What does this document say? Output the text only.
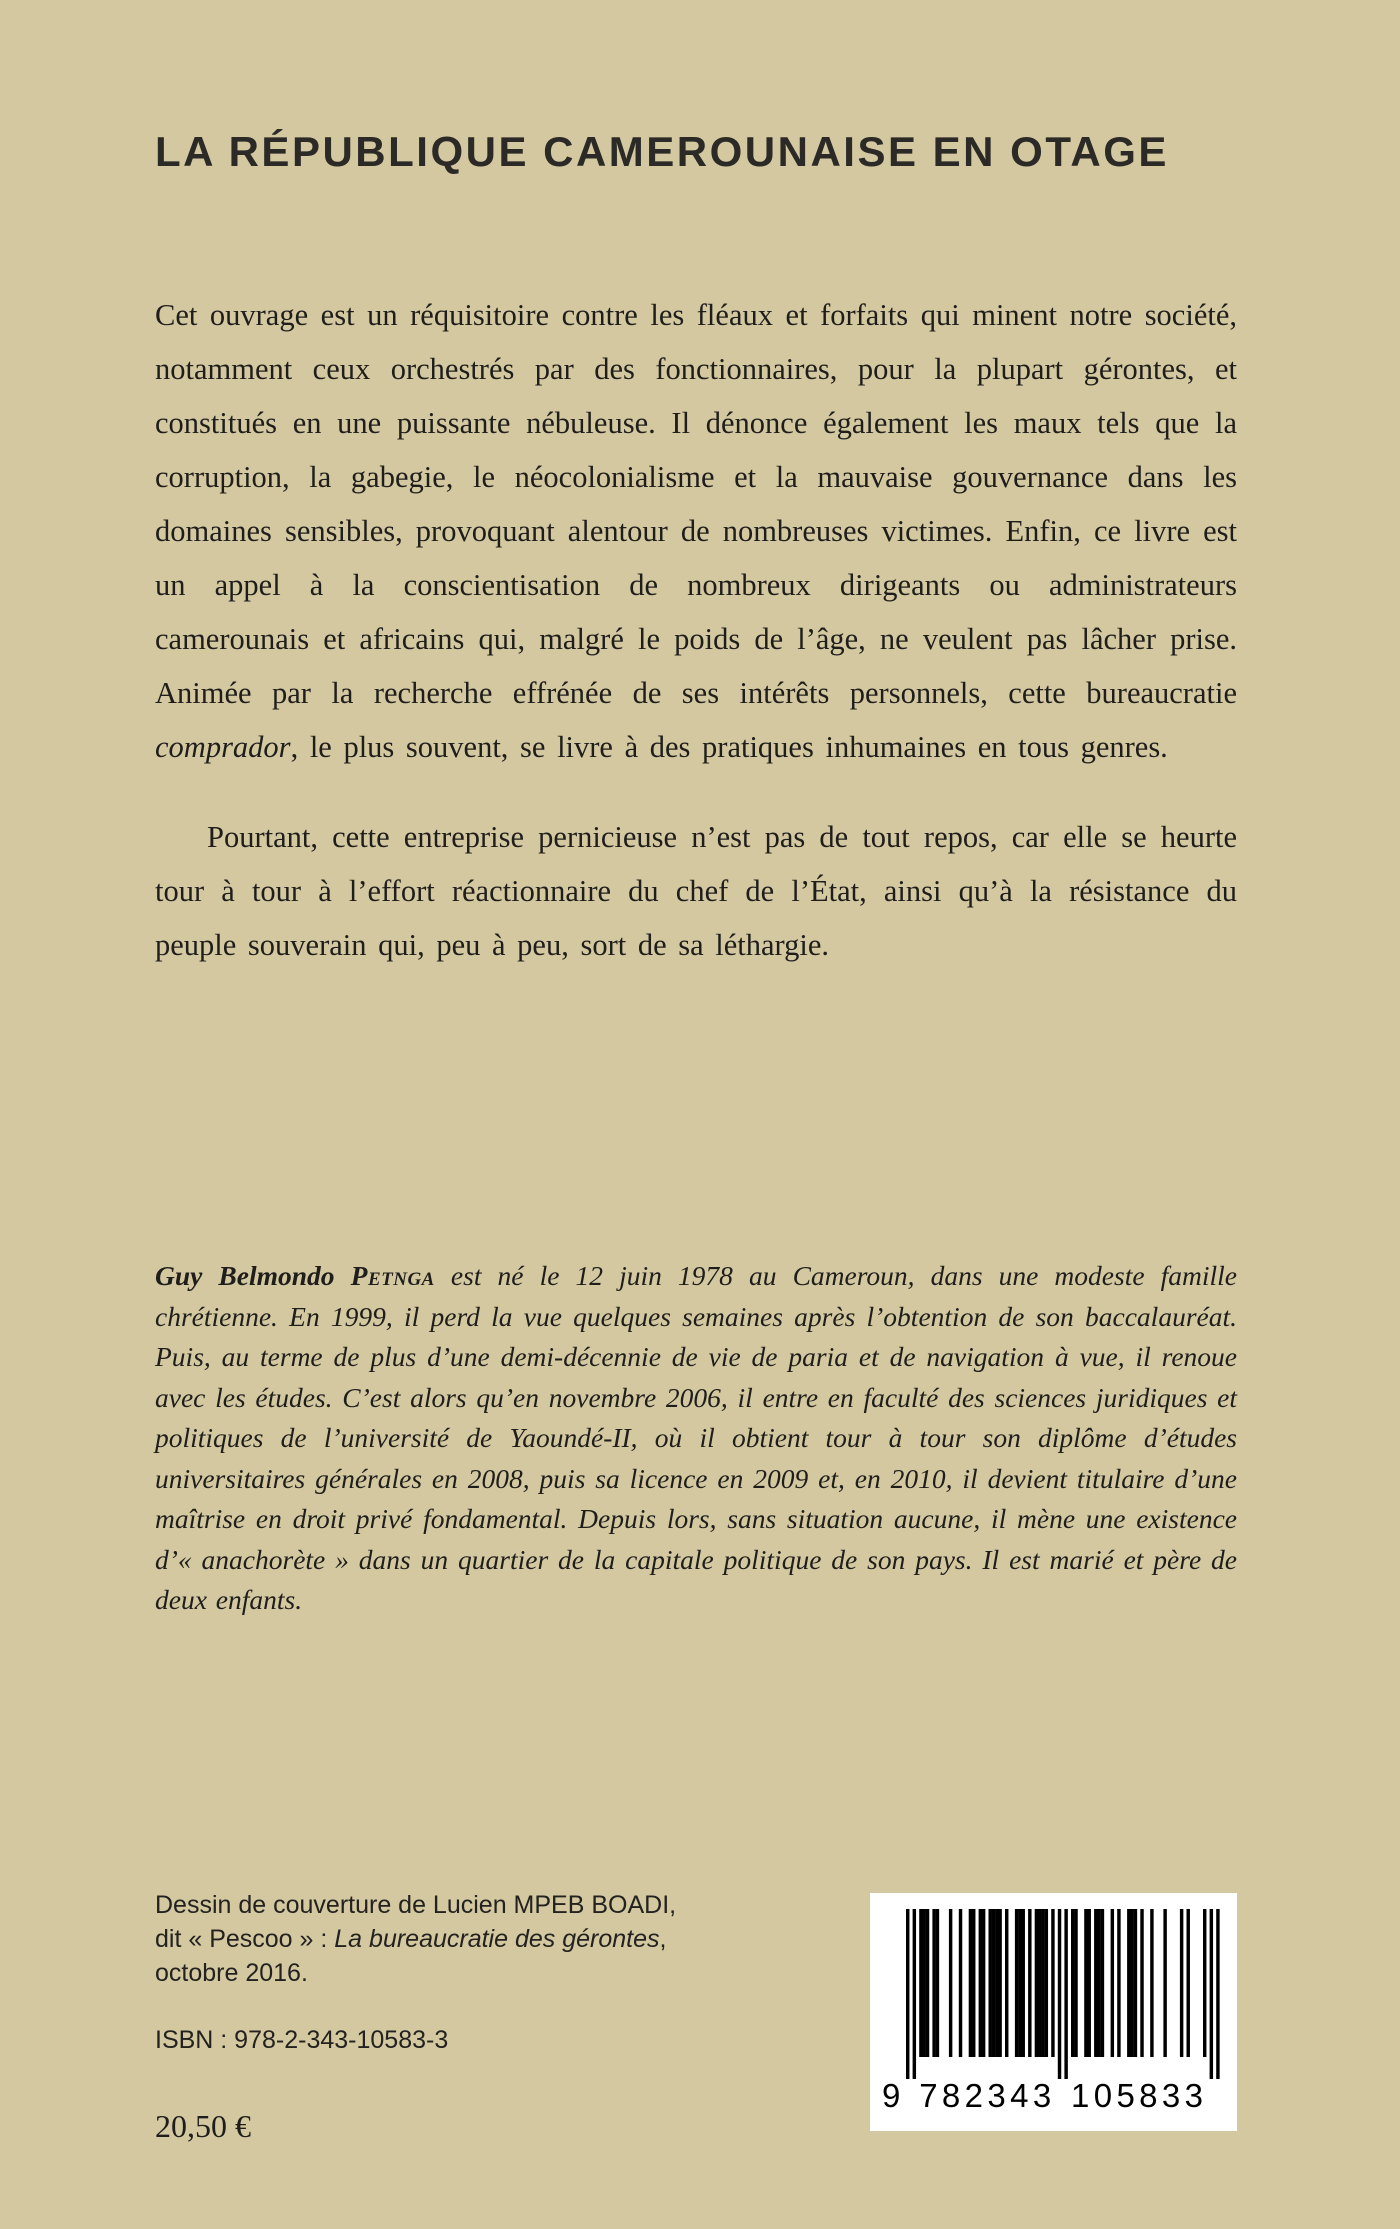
LA RÉPUBLIQUE CAMEROUNAISE EN OTAGE

Cet ouvrage est un réquisitoire contre les fléaux et forfaits qui minent notre société, notamment ceux orchestrés par des fonctionnaires, pour la plupart gérontes, et constitués en une puissante nébuleuse. Il dénonce également les maux tels que la corruption, la gabegie, le néocolonialisme et la mauvaise gouvernance dans les domaines sensibles, provoquant alentour de nombreuses victimes. Enfin, ce livre est un appel à la conscientisation de nombreux dirigeants ou administrateurs camerounais et africains qui, malgré le poids de l’âge, ne veulent pas lâcher prise. Animée par la recherche effrénée de ses intérêts personnels, cette bureaucratie comprador, le plus souvent, se livre à des pratiques inhumaines en tous genres.

Pourtant, cette entreprise pernicieuse n’est pas de tout repos, car elle se heurte tour à tour à l’effort réactionnaire du chef de l’État, ainsi qu’à la résistance du peuple souverain qui, peu à peu, sort de sa léthargie.

Guy Belmondo Petnga est né le 12 juin 1978 au Cameroun, dans une modeste famille chrétienne. En 1999, il perd la vue quelques semaines après l’obtention de son baccalauréat. Puis, au terme de plus d’une demi-décennie de vie de paria et de navigation à vue, il renoue avec les études. C’est alors qu’en novembre 2006, il entre en faculté des sciences juridiques et politiques de l’université de Yaoundé-II, où il obtient tour à tour son diplôme d’études universitaires générales en 2008, puis sa licence en 2009 et, en 2010, il devient titulaire d’une maîtrise en droit privé fondamental. Depuis lors, sans situation aucune, il mène une existence d’« anachorète » dans un quartier de la capitale politique de son pays. Il est marié et père de deux enfants.
Dessin de couverture de Lucien MPEB BOADI,
dit « Pescoo » : La bureaucratie des gérontes,
octobre 2016.
ISBN : 978-2-343-10583-3
20,50 €
9 782343 105833
